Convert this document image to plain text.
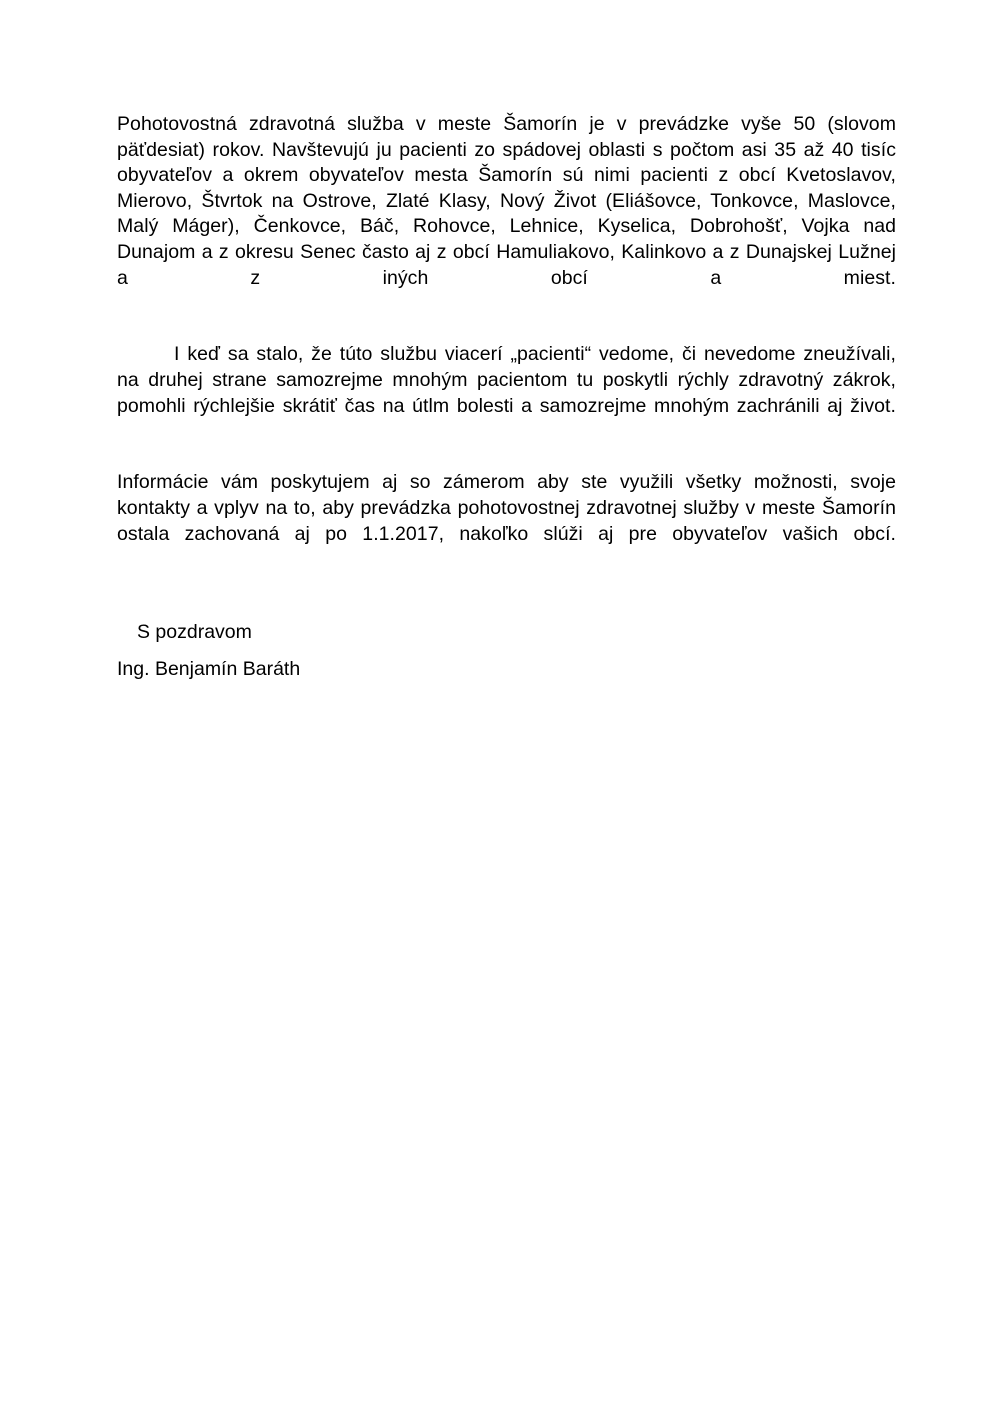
Pohotovostná zdravotná služba v meste Šamorín je v prevádzke vyše 50 (slovom päťdesiat) rokov. Navštevujú ju pacienti zo spádovej oblasti s počtom asi 35 až 40 tisíc obyvateľov a okrem obyvateľov mesta Šamorín sú nimi pacienti z obcí Kvetoslavov, Mierovo, Štvrtok na Ostrove, Zlaté Klasy, Nový Život (Eliášovce, Tonkovce, Maslovce, Malý Máger), Čenkovce, Báč, Rohovce, Lehnice, Kyselica, Dobrohošť, Vojka nad Dunajom a z okresu Senec často aj z obcí Hamuliakovo, Kalinkovo a z Dunajskej Lužnej a z iných obcí a miest.

I keď sa stalo, že túto službu viacerí „pacienti“ vedome, či nevedome zneužívali, na druhej strane samozrejme mnohým pacientom tu poskytli rýchly zdravotný zákrok, pomohli rýchlejšie skrátiť čas na útlm bolesti a samozrejme mnohým zachránili aj život.

Informácie vám poskytujem aj so zámerom aby ste využili všetky možnosti, svoje kontakty a vplyv na to, aby prevádzka pohotovostnej zdravotnej služby v meste Šamorín ostala zachovaná aj po 1.1.2017, nakoľko slúži aj pre obyvateľov vašich obcí.

S pozdravom

Ing. Benjamín Baráth
